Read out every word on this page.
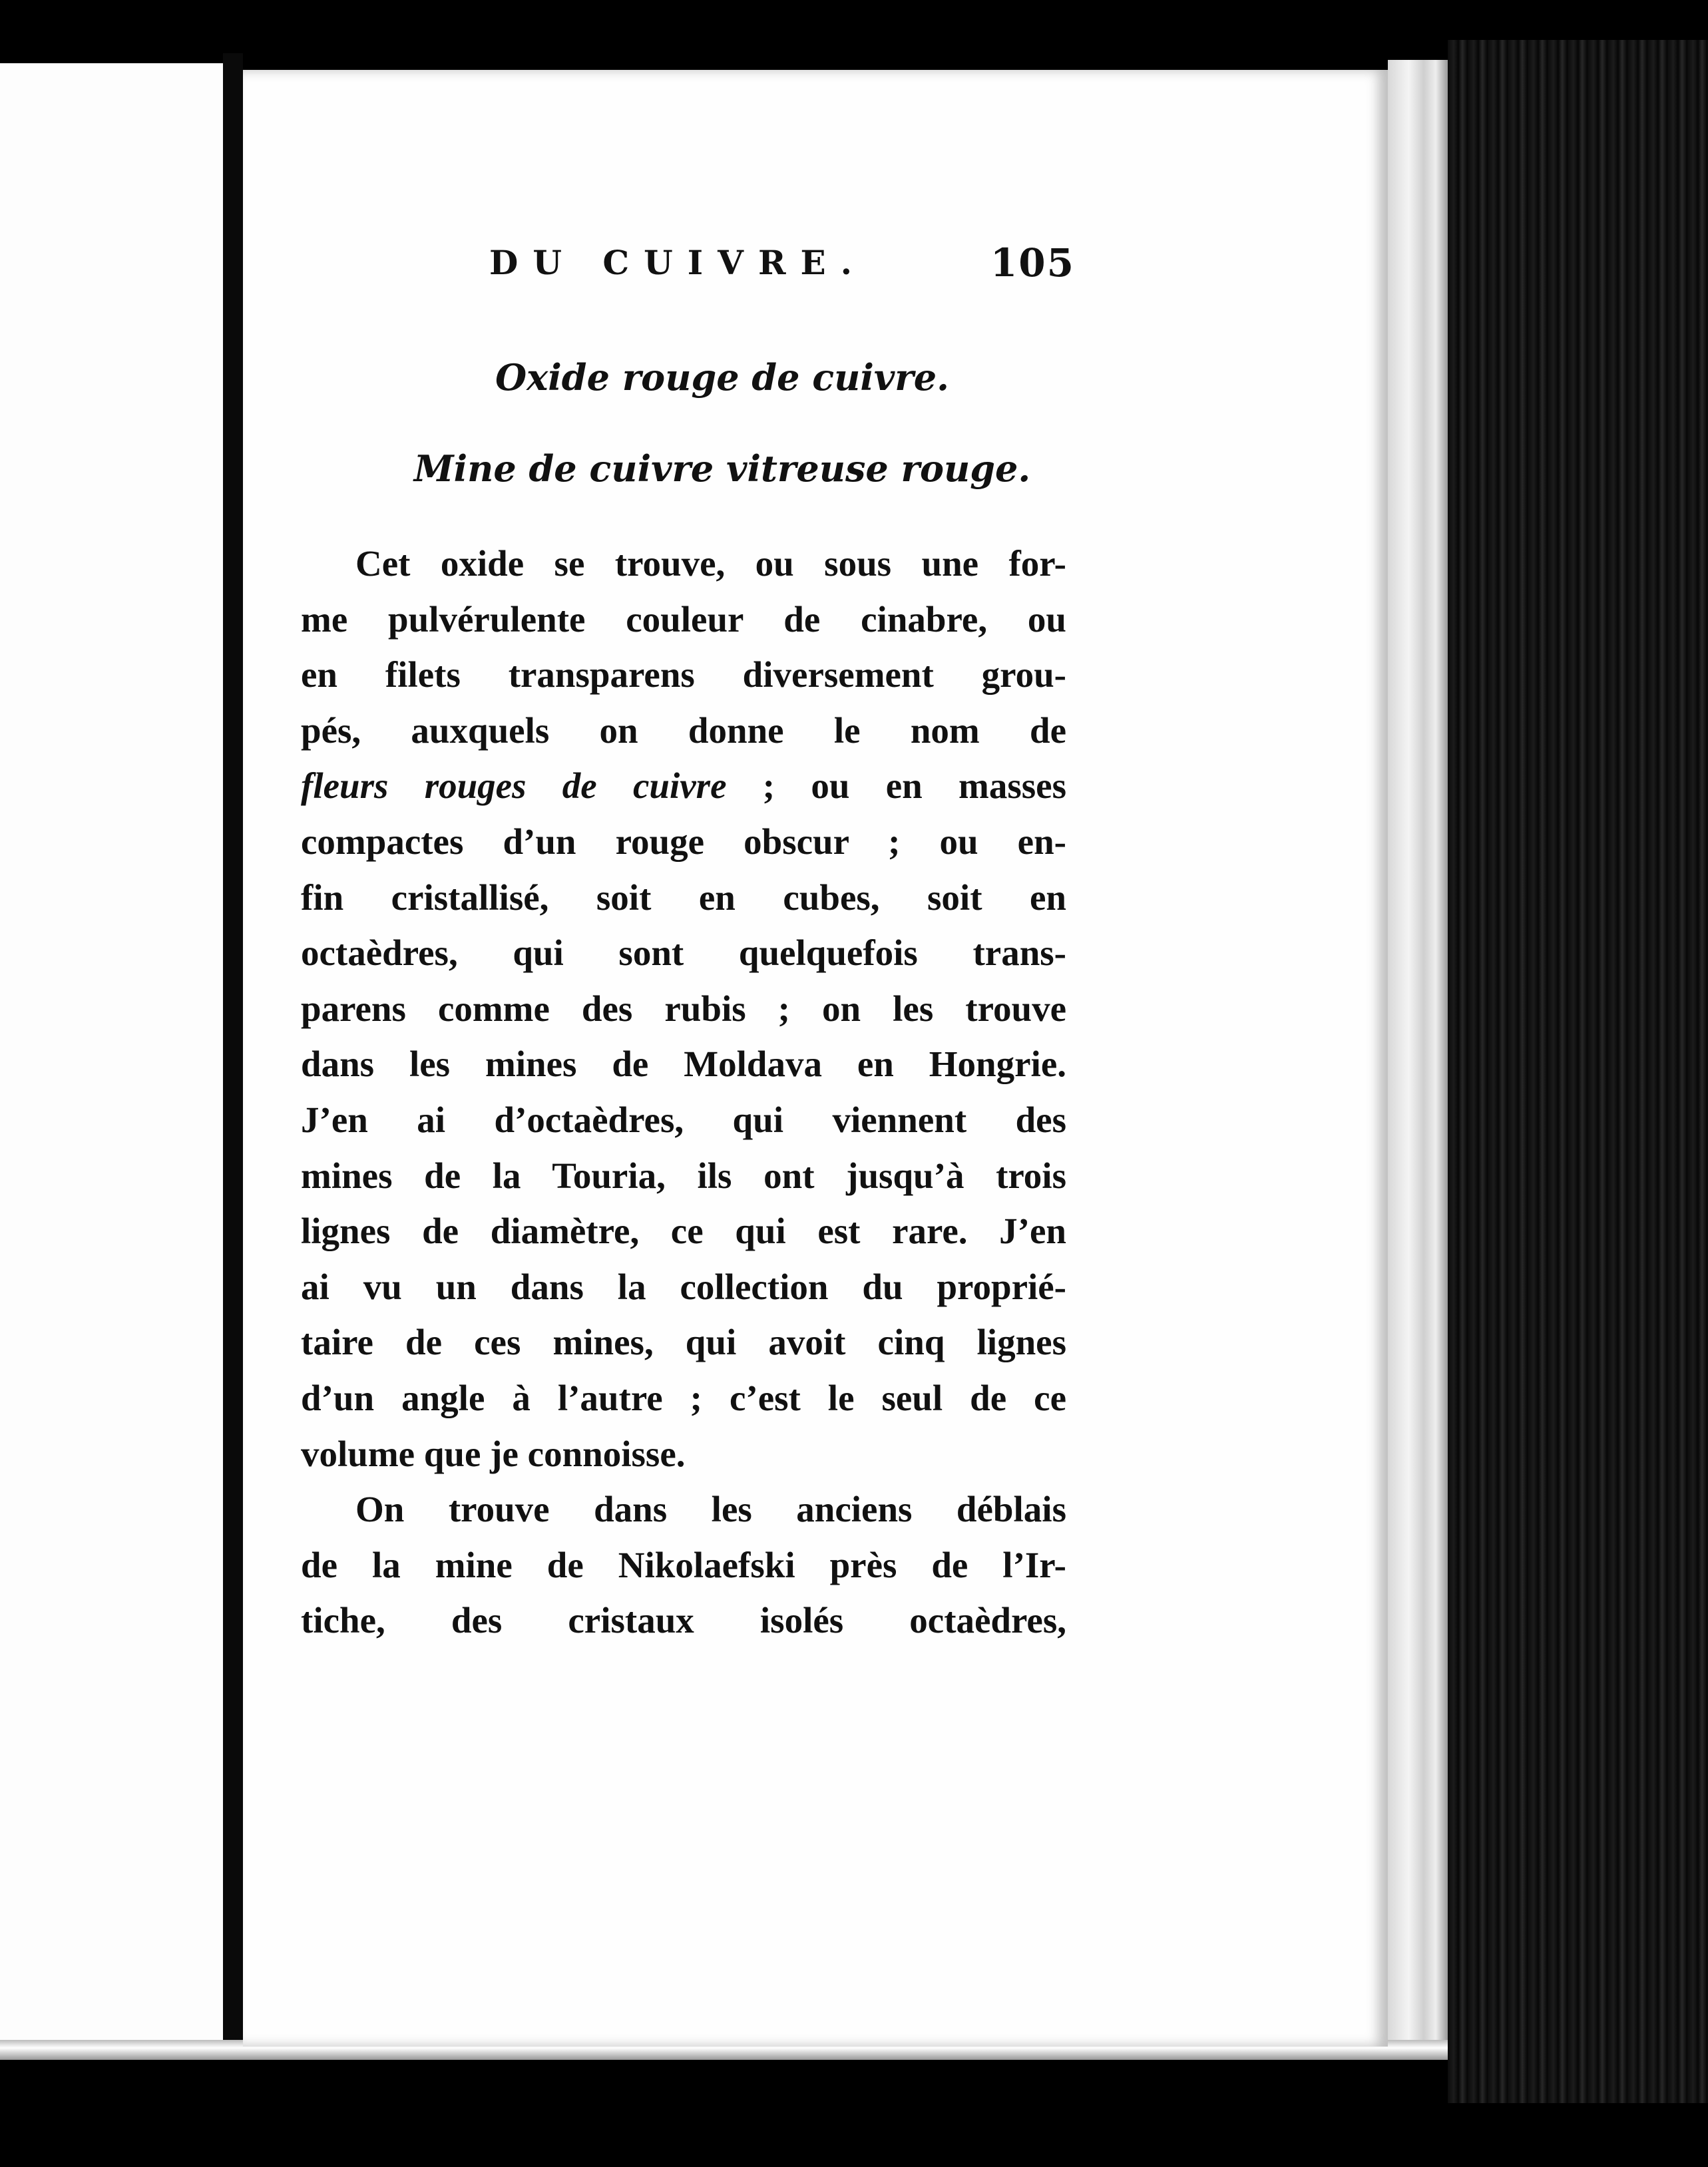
DU CUIVRE.	105
Oxide rouge de cuivre.
Mine de cuivre vitreuse rouge.
Cet oxide se trouve, ou sous une for-
me pulvérulente couleur de cinabre, ou
en filets transparens diversement grou-
pés, auxquels on donne le nom de
fleurs rouges de cuivre ; ou en masses
compactes d’un rouge obscur ; ou en-
fin cristallisé, soit en cubes, soit en
octaèdres, qui sont quelquefois trans-
parens comme des rubis ; on les trouve
dans les mines de Moldava en Hongrie.
J’en ai d’octaèdres, qui viennent des
mines de la Touria, ils ont jusqu’à trois
lignes de diamètre, ce qui est rare. J’en
ai vu un dans la collection du proprié-
taire de ces mines, qui avoit cinq lignes
d’un angle à l’autre ; c’est le seul de ce
volume que je connoisse.
On trouve dans les anciens déblais
de la mine de Nikolaefski près de l’Ir-
tiche, des cristaux isolés octaèdres,
